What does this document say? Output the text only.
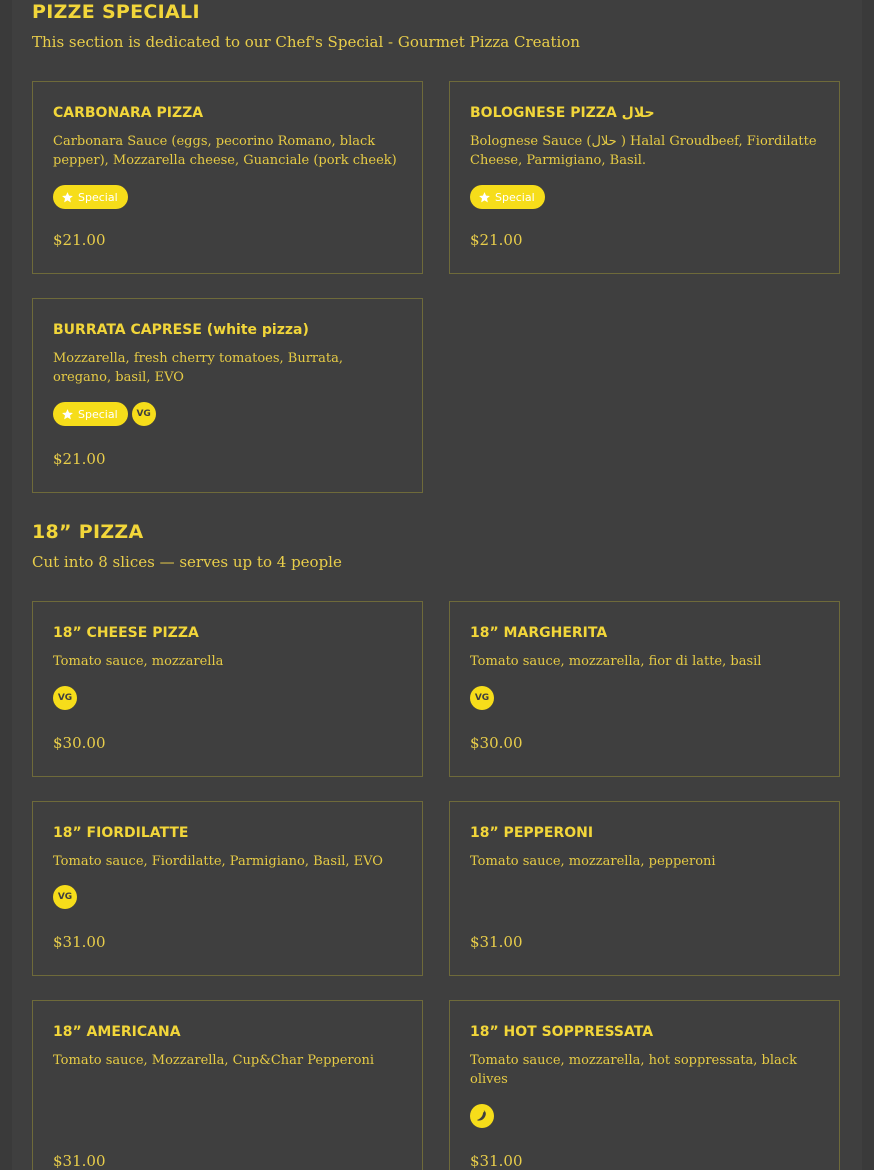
PIZZE SPECIALI

This section is dedicated to our Chef's Special - Gourmet Pizza Creation

CARBONARA PIZZA

Carbonara Sauce (eggs, pecorino Romano, black pepper), Mozzarella cheese, Guanciale (pork cheek)

Special

$21.00

BOLOGNESE PIZZA حلال

Bolognese Sauce (حلال ) Halal Groudbeef, Fiordilatte Cheese, Parmigiano, Basil.

Special

$21.00

BURRATA CAPRESE (white pizza)

Mozzarella, fresh cherry tomatoes, Burrata, oregano, basil, EVO

Special	VG

$21.00

18” PIZZA

Cut into 8 slices — serves up to 4 people

18” CHEESE PIZZA

Tomato sauce, mozzarella

VG

$30.00

18” MARGHERITA

Tomato sauce, mozzarella, fior di latte, basil

VG

$30.00

18” FIORDILATTE

Tomato sauce, Fiordilatte, Parmigiano, Basil, EVO

VG

$31.00

18” PEPPERONI

Tomato sauce, mozzarella, pepperoni

$31.00

18” AMERICANA

Tomato sauce, Mozzarella, Cup&Char Pepperoni

$31.00

18” HOT SOPPRESSATA

Tomato sauce, mozzarella, hot soppressata, black olives

$31.00
